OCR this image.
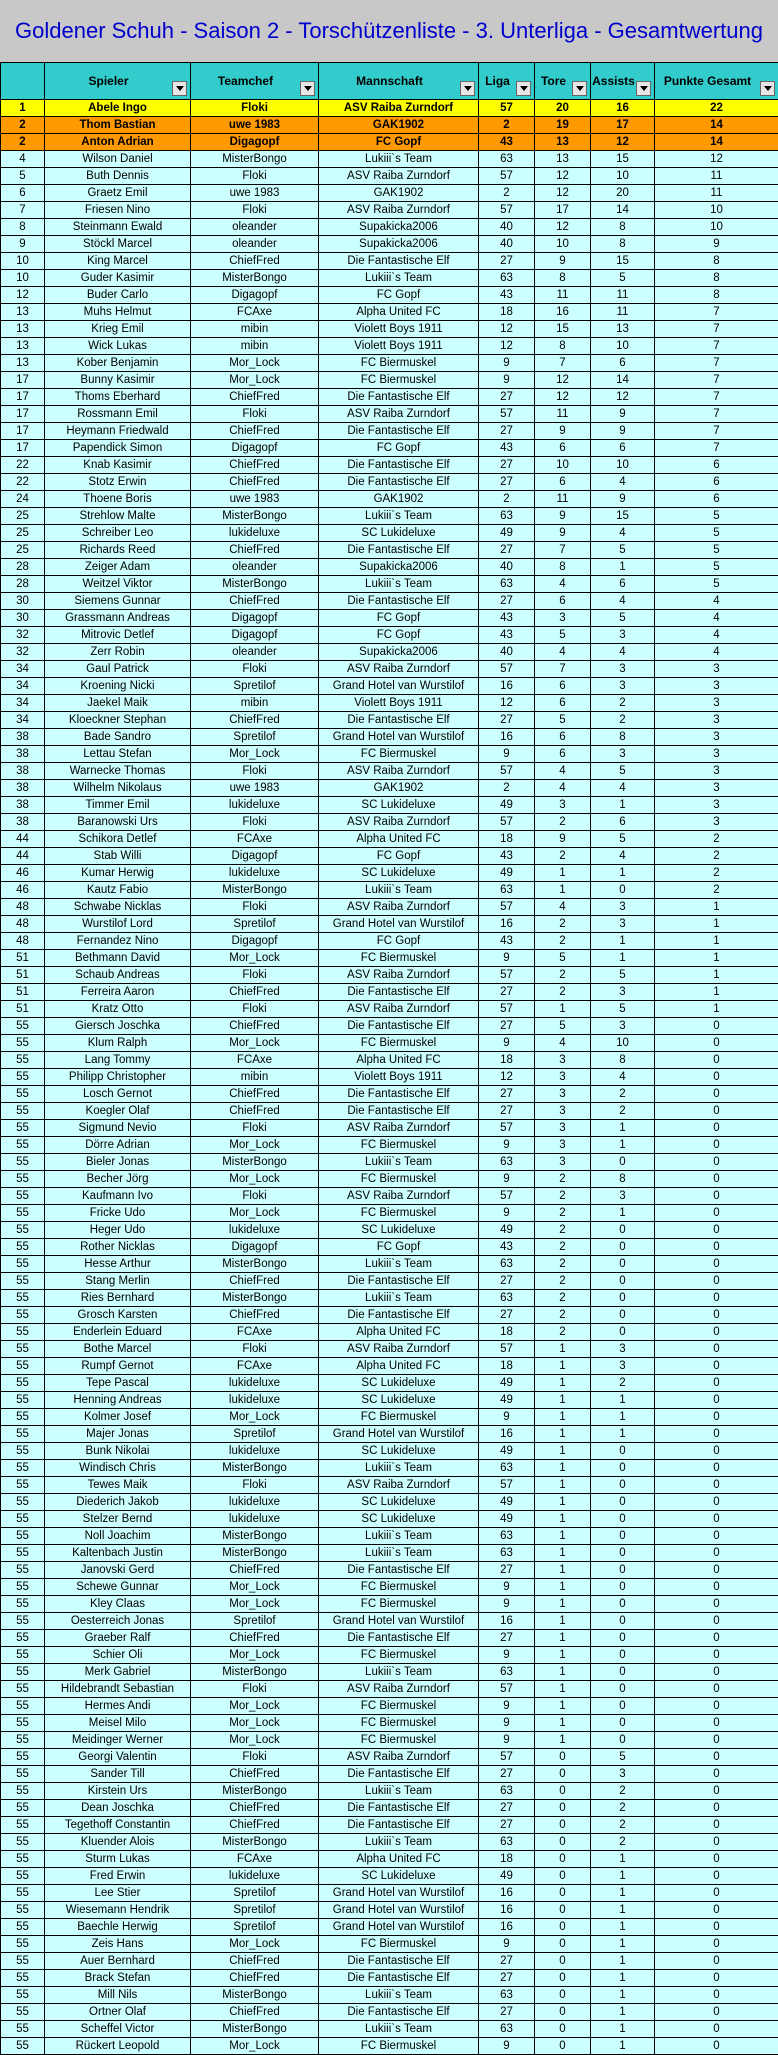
Goldener Schuh - Saison 2 - Torschützenliste - 3. Unterliga - Gesamtwertung

	Spieler	Teamchef	Mannschaft	Liga	Tore	Assists	Punkte Gesamt

1	Abele Ingo	Floki	ASV Raiba Zurndorf	57	20	16	22
2	Thom Bastian	uwe 1983	GAK1902	2	19	17	14
2	Anton Adrian	Digagopf	FC Gopf	43	13	12	14
4	Wilson Daniel	MisterBongo	Lukiii`s Team	63	13	15	12
5	Buth Dennis	Floki	ASV Raiba Zurndorf	57	12	10	11
6	Graetz Emil	uwe 1983	GAK1902	2	12	20	11
7	Friesen Nino	Floki	ASV Raiba Zurndorf	57	17	14	10
8	Steinmann Ewald	oleander	Supakicka2006	40	12	8	10
9	Stöckl Marcel	oleander	Supakicka2006	40	10	8	9
10	King Marcel	ChiefFred	Die Fantastische Elf	27	9	15	8
10	Guder Kasimir	MisterBongo	Lukiii`s Team	63	8	5	8
12	Buder Carlo	Digagopf	FC Gopf	43	11	11	8
13	Muhs Helmut	FCAxe	Alpha United FC	18	16	11	7
13	Krieg Emil	mibin	Violett Boys 1911	12	15	13	7
13	Wick Lukas	mibin	Violett Boys 1911	12	8	10	7
13	Kober Benjamin	Mor_Lock	FC Biermuskel	9	7	6	7
17	Bunny Kasimir	Mor_Lock	FC Biermuskel	9	12	14	7
17	Thoms Eberhard	ChiefFred	Die Fantastische Elf	27	12	12	7
17	Rossmann Emil	Floki	ASV Raiba Zurndorf	57	11	9	7
17	Heymann Friedwald	ChiefFred	Die Fantastische Elf	27	9	9	7
17	Papendick Simon	Digagopf	FC Gopf	43	6	6	7
22	Knab Kasimir	ChiefFred	Die Fantastische Elf	27	10	10	6
22	Stotz Erwin	ChiefFred	Die Fantastische Elf	27	6	4	6
24	Thoene Boris	uwe 1983	GAK1902	2	11	9	6
25	Strehlow Malte	MisterBongo	Lukiii`s Team	63	9	15	5
25	Schreiber Leo	lukideluxe	SC Lukideluxe	49	9	4	5
25	Richards Reed	ChiefFred	Die Fantastische Elf	27	7	5	5
28	Zeiger Adam	oleander	Supakicka2006	40	8	1	5
28	Weitzel Viktor	MisterBongo	Lukiii`s Team	63	4	6	5
30	Siemens Gunnar	ChiefFred	Die Fantastische Elf	27	6	4	4
30	Grassmann Andreas	Digagopf	FC Gopf	43	3	5	4
32	Mitrovic Detlef	Digagopf	FC Gopf	43	5	3	4
32	Zerr Robin	oleander	Supakicka2006	40	4	4	4
34	Gaul Patrick	Floki	ASV Raiba Zurndorf	57	7	3	3
34	Kroening Nicki	Spretilof	Grand Hotel van Wurstilof	16	6	3	3
34	Jaekel Maik	mibin	Violett Boys 1911	12	6	2	3
34	Kloeckner Stephan	ChiefFred	Die Fantastische Elf	27	5	2	3
38	Bade Sandro	Spretilof	Grand Hotel van Wurstilof	16	6	8	3
38	Lettau Stefan	Mor_Lock	FC Biermuskel	9	6	3	3
38	Warnecke Thomas	Floki	ASV Raiba Zurndorf	57	4	5	3
38	Wilhelm Nikolaus	uwe 1983	GAK1902	2	4	4	3
38	Timmer Emil	lukideluxe	SC Lukideluxe	49	3	1	3
38	Baranowski Urs	Floki	ASV Raiba Zurndorf	57	2	6	3
44	Schikora Detlef	FCAxe	Alpha United FC	18	9	5	2
44	Stab Willi	Digagopf	FC Gopf	43	2	4	2
46	Kumar Herwig	lukideluxe	SC Lukideluxe	49	1	1	2
46	Kautz Fabio	MisterBongo	Lukiii`s Team	63	1	0	2
48	Schwabe Nicklas	Floki	ASV Raiba Zurndorf	57	4	3	1
48	Wurstilof Lord	Spretilof	Grand Hotel van Wurstilof	16	2	3	1
48	Fernandez Nino	Digagopf	FC Gopf	43	2	1	1
51	Bethmann David	Mor_Lock	FC Biermuskel	9	5	1	1
51	Schaub Andreas	Floki	ASV Raiba Zurndorf	57	2	5	1
51	Ferreira Aaron	ChiefFred	Die Fantastische Elf	27	2	3	1
51	Kratz Otto	Floki	ASV Raiba Zurndorf	57	1	5	1
55	Giersch Joschka	ChiefFred	Die Fantastische Elf	27	5	3	0
55	Klum Ralph	Mor_Lock	FC Biermuskel	9	4	10	0
55	Lang Tommy	FCAxe	Alpha United FC	18	3	8	0
55	Philipp Christopher	mibin	Violett Boys 1911	12	3	4	0
55	Losch Gernot	ChiefFred	Die Fantastische Elf	27	3	2	0
55	Koegler Olaf	ChiefFred	Die Fantastische Elf	27	3	2	0
55	Sigmund Nevio	Floki	ASV Raiba Zurndorf	57	3	1	0
55	Dörre Adrian	Mor_Lock	FC Biermuskel	9	3	1	0
55	Bieler Jonas	MisterBongo	Lukiii`s Team	63	3	0	0
55	Becher Jörg	Mor_Lock	FC Biermuskel	9	2	8	0
55	Kaufmann Ivo	Floki	ASV Raiba Zurndorf	57	2	3	0
55	Fricke Udo	Mor_Lock	FC Biermuskel	9	2	1	0
55	Heger Udo	lukideluxe	SC Lukideluxe	49	2	0	0
55	Rother Nicklas	Digagopf	FC Gopf	43	2	0	0
55	Hesse Arthur	MisterBongo	Lukiii`s Team	63	2	0	0
55	Stang Merlin	ChiefFred	Die Fantastische Elf	27	2	0	0
55	Ries Bernhard	MisterBongo	Lukiii`s Team	63	2	0	0
55	Grosch Karsten	ChiefFred	Die Fantastische Elf	27	2	0	0
55	Enderlein Eduard	FCAxe	Alpha United FC	18	2	0	0
55	Bothe Marcel	Floki	ASV Raiba Zurndorf	57	1	3	0
55	Rumpf Gernot	FCAxe	Alpha United FC	18	1	3	0
55	Tepe Pascal	lukideluxe	SC Lukideluxe	49	1	2	0
55	Henning Andreas	lukideluxe	SC Lukideluxe	49	1	1	0
55	Kolmer Josef	Mor_Lock	FC Biermuskel	9	1	1	0
55	Majer Jonas	Spretilof	Grand Hotel van Wurstilof	16	1	1	0
55	Bunk Nikolai	lukideluxe	SC Lukideluxe	49	1	0	0
55	Windisch Chris	MisterBongo	Lukiii`s Team	63	1	0	0
55	Tewes Maik	Floki	ASV Raiba Zurndorf	57	1	0	0
55	Diederich Jakob	lukideluxe	SC Lukideluxe	49	1	0	0
55	Stelzer Bernd	lukideluxe	SC Lukideluxe	49	1	0	0
55	Noll Joachim	MisterBongo	Lukiii`s Team	63	1	0	0
55	Kaltenbach Justin	MisterBongo	Lukiii`s Team	63	1	0	0
55	Janovski Gerd	ChiefFred	Die Fantastische Elf	27	1	0	0
55	Schewe Gunnar	Mor_Lock	FC Biermuskel	9	1	0	0
55	Kley Claas	Mor_Lock	FC Biermuskel	9	1	0	0
55	Oesterreich Jonas	Spretilof	Grand Hotel van Wurstilof	16	1	0	0
55	Graeber Ralf	ChiefFred	Die Fantastische Elf	27	1	0	0
55	Schier Oli	Mor_Lock	FC Biermuskel	9	1	0	0
55	Merk Gabriel	MisterBongo	Lukiii`s Team	63	1	0	0
55	Hildebrandt Sebastian	Floki	ASV Raiba Zurndorf	57	1	0	0
55	Hermes Andi	Mor_Lock	FC Biermuskel	9	1	0	0
55	Meisel Milo	Mor_Lock	FC Biermuskel	9	1	0	0
55	Meidinger Werner	Mor_Lock	FC Biermuskel	9	1	0	0
55	Georgi Valentin	Floki	ASV Raiba Zurndorf	57	0	5	0
55	Sander Till	ChiefFred	Die Fantastische Elf	27	0	3	0
55	Kirstein Urs	MisterBongo	Lukiii`s Team	63	0	2	0
55	Dean Joschka	ChiefFred	Die Fantastische Elf	27	0	2	0
55	Tegethoff Constantin	ChiefFred	Die Fantastische Elf	27	0	2	0
55	Kluender Alois	MisterBongo	Lukiii`s Team	63	0	2	0
55	Sturm Lukas	FCAxe	Alpha United FC	18	0	1	0
55	Fred Erwin	lukideluxe	SC Lukideluxe	49	0	1	0
55	Lee Stier	Spretilof	Grand Hotel van Wurstilof	16	0	1	0
55	Wiesemann Hendrik	Spretilof	Grand Hotel van Wurstilof	16	0	1	0
55	Baechle Herwig	Spretilof	Grand Hotel van Wurstilof	16	0	1	0
55	Zeis Hans	Mor_Lock	FC Biermuskel	9	0	1	0
55	Auer Bernhard	ChiefFred	Die Fantastische Elf	27	0	1	0
55	Brack Stefan	ChiefFred	Die Fantastische Elf	27	0	1	0
55	Mill Nils	MisterBongo	Lukiii`s Team	63	0	1	0
55	Ortner Olaf	ChiefFred	Die Fantastische Elf	27	0	1	0
55	Scheffel Victor	MisterBongo	Lukiii`s Team	63	0	1	0
55	Rückert Leopold	Mor_Lock	FC Biermuskel	9	0	1	0
